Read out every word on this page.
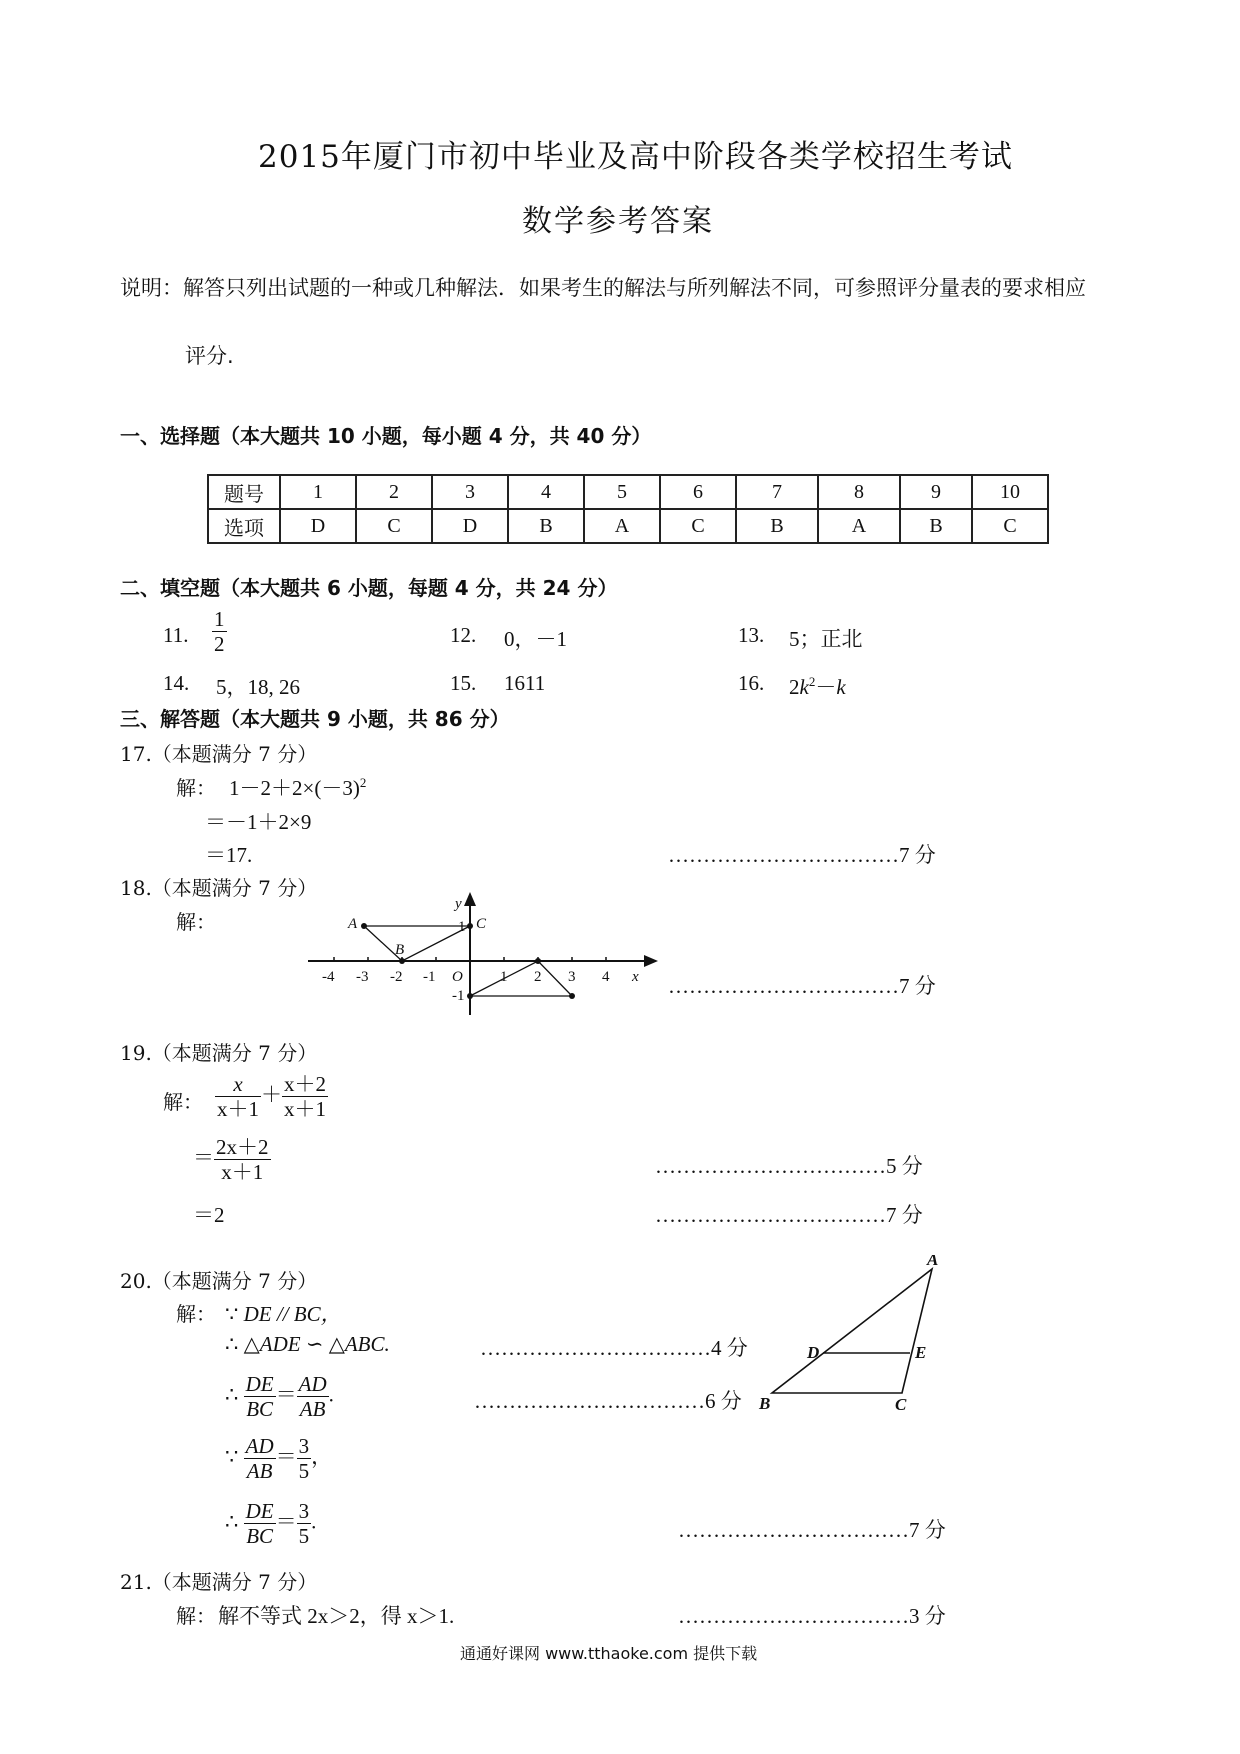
2015年厦门市初中毕业及高中阶段各类学校招生考试
数学参考答案
说明：解答只列出试题的一种或几种解法．如果考生的解法与所列解法不同，可参照评分量表的要求相应
评分.
一、选择题（本大题共 10 小题，每小题 4 分，共 40 分）
题号	1	2	3	4	5	6	7	8	9	10
选项	D	C	D	B	A	C	B	A	B	C
二、填空题（本大题共 6 小题，每题 4 分，共 24 分）
11. $\frac{1}{2}$	12. 0，－1	13. 5；正北
14. 5，18, 26	15. 1611	16. $2k^2-k$
三、解答题（本大题共 9 小题，共 86 分）
17.（本题满分 7 分）
解： $1-2+2\times(-3)^2$
＝－1＋2×9
＝17.	……………………………7 分
18.（本题满分 7 分）
解：
-4 -3 -2 -1 O 1 2 3 4 x
y
1
-1
A
B
C
……………………………7 分
19.（本题满分 7 分）
解： $\frac{x}{x+1} + \frac{x+2}{x+1}$
＝ $\frac{2x+2}{x+1}$	……………………………5 分
＝2	……………………………7 分
20.（本题满分 7 分）
解： ∵ DE // BC，
∴ △ADE ∽ △ABC.	……………………………4 分
∴ $\frac{DE}{BC} = \frac{AD}{AB}$ .	……………………………6 分
∵ $\frac{AD}{AB} = \frac{3}{5}$ ，
∴ $\frac{DE}{BC} = \frac{3}{5}$ .	……………………………7 分
A
B	C
D	E
21.（本题满分 7 分）
解： 解不等式 2x＞2，得 x＞1.	……………………………3 分
通通好课网 www.tthaoke.com 提供下载
